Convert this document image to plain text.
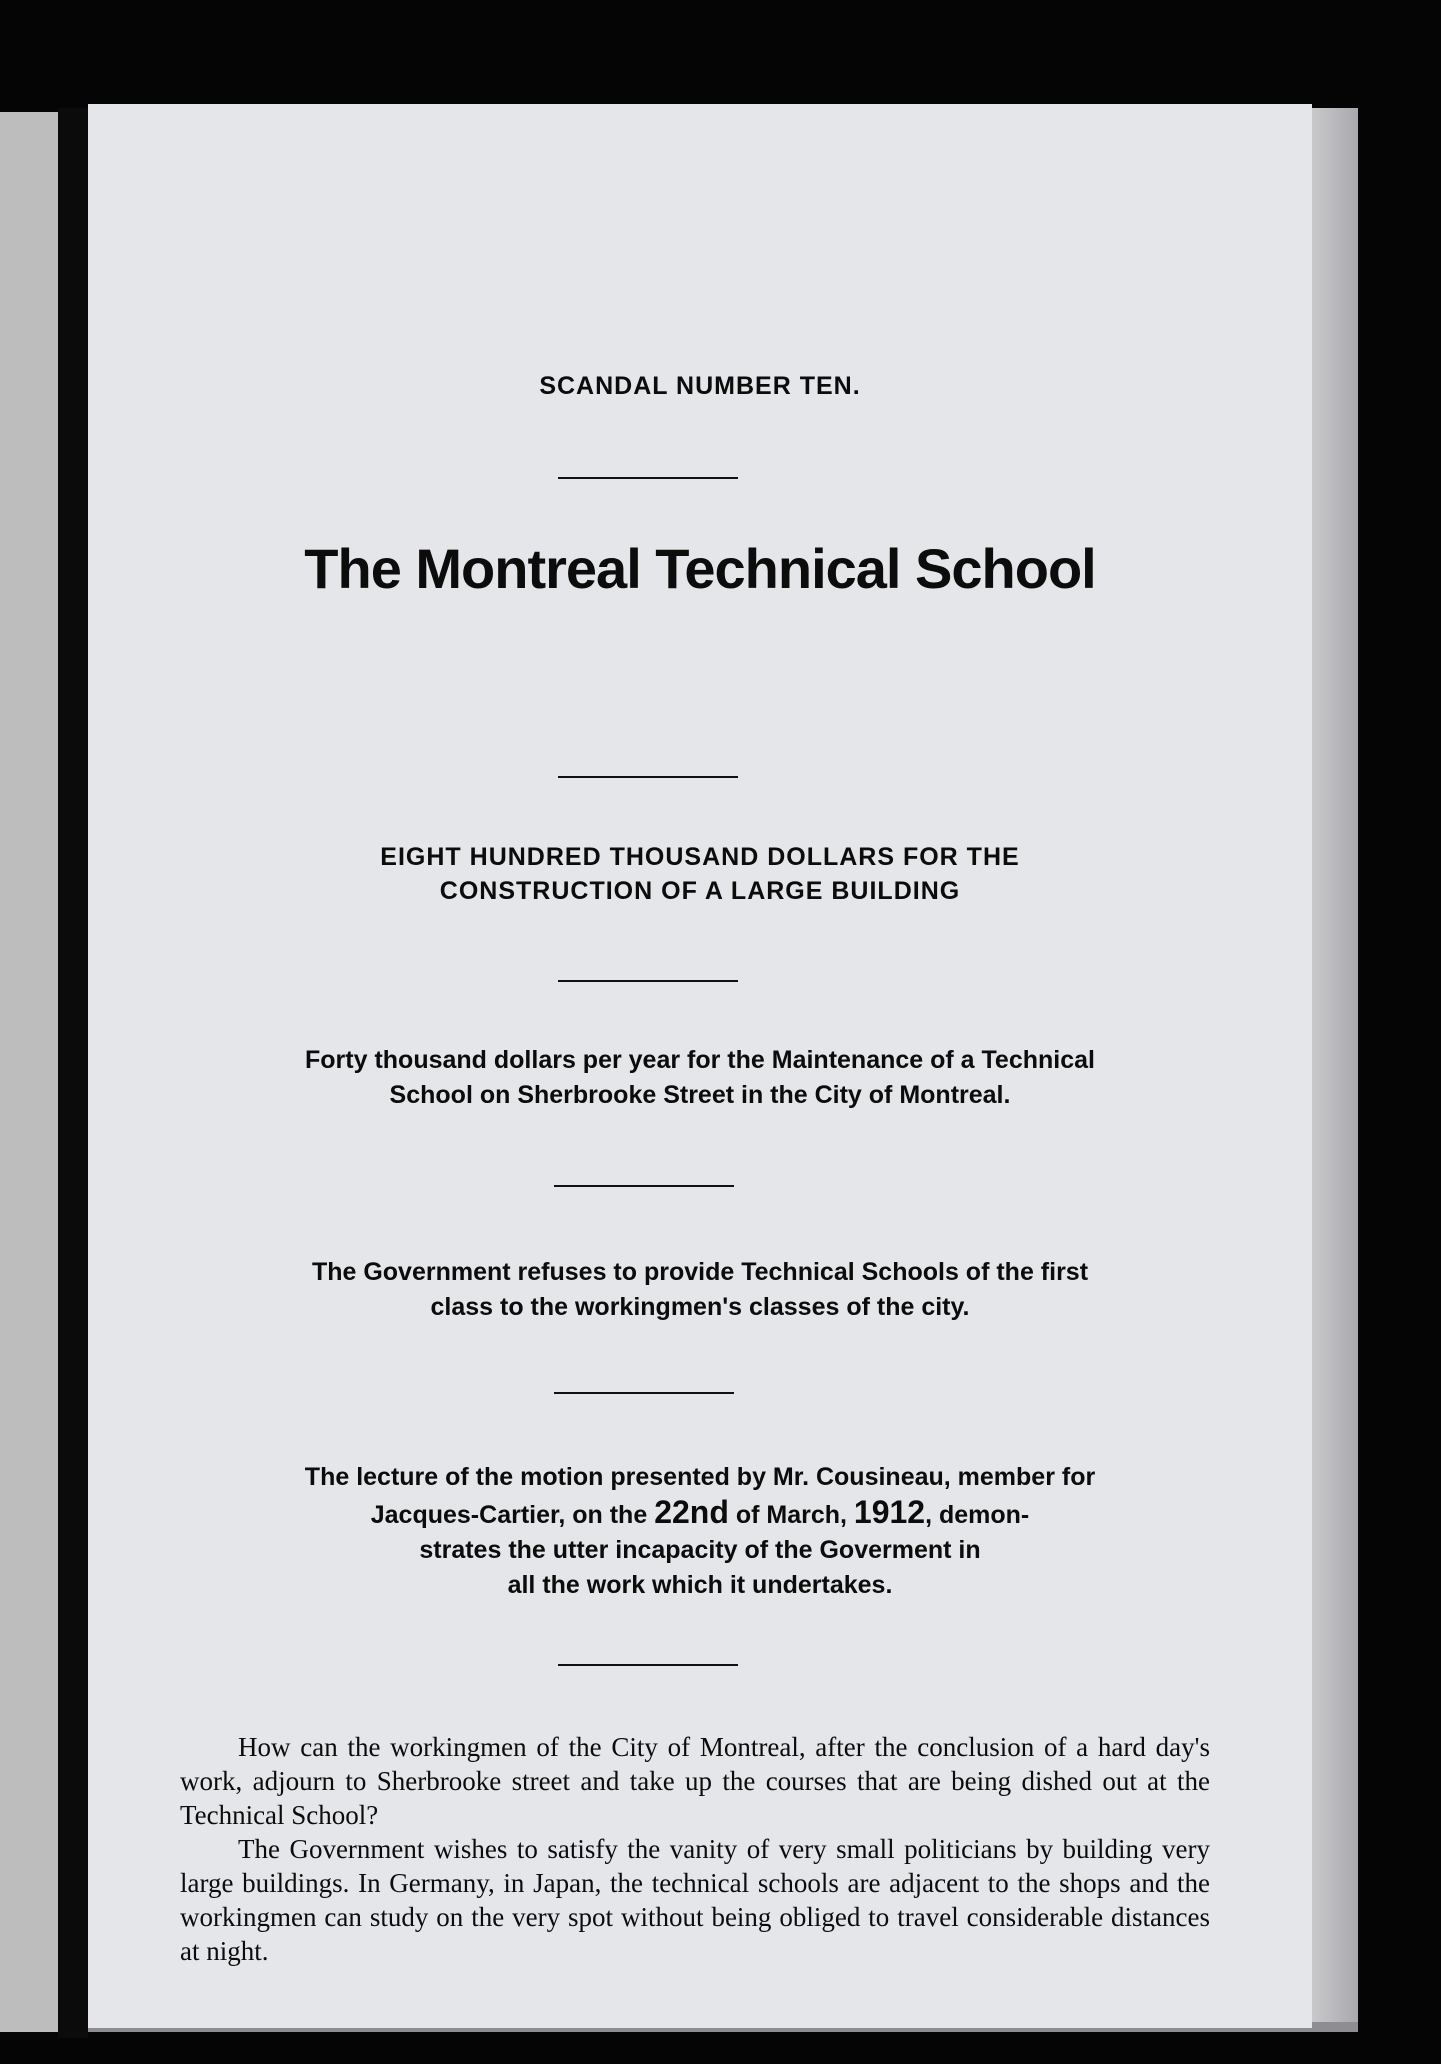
SCANDAL NUMBER TEN.
The Montreal Technical School
EIGHT HUNDRED THOUSAND DOLLARS FOR THE
CONSTRUCTION OF A LARGE BUILDING
Forty thousand dollars per year for the Maintenance of a Technical
School on Sherbrooke Street in the City of Montreal.
The Government refuses to provide Technical Schools of the first
class to the workingmen's classes of the city.
The lecture of the motion presented by Mr. Cousineau, member for
Jacques-Cartier, on the 22nd of March, 1912, demon-
strates the utter incapacity of the Goverment in
all the work which it undertakes.

How can the workingmen of the City of Montreal, after the conclusion of a hard day's work, adjourn to Sherbrooke street and take up the courses that are being dished out at the Technical School?

The Government wishes to satisfy the vanity of very small politicians by building very large buildings. In Germany, in Japan, the technical schools are adjacent to the shops and the workingmen can study on the very spot without being obliged to travel considerable distances at night.
